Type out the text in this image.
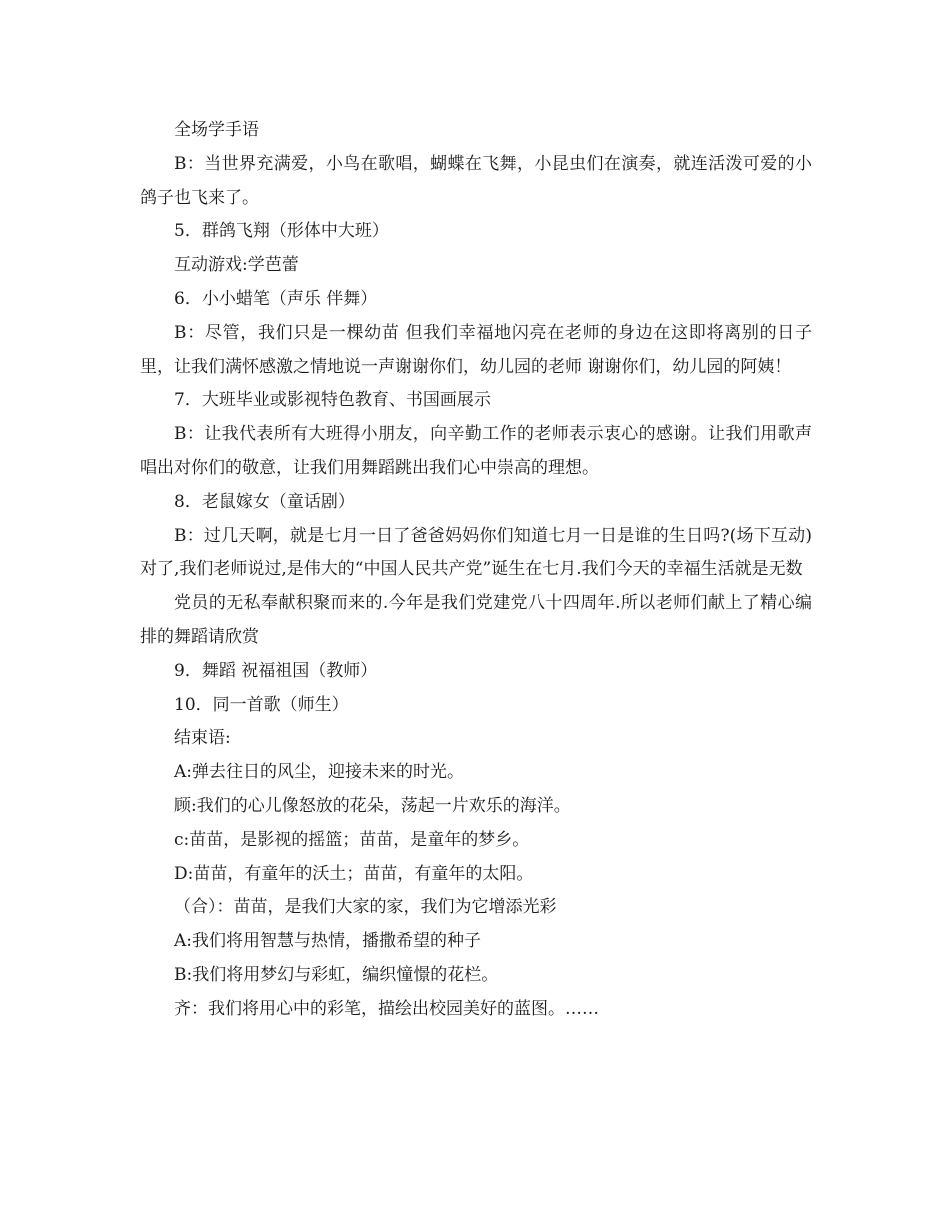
全场学手语

B：当世界充满爱，小鸟在歌唱，蝴蝶在飞舞，小昆虫们在演奏，就连活泼可爱的小鸽子也飞来了。

5．群鸽飞翔（形体中大班）

互动游戏:学芭蕾

6．小小蜡笔（声乐 伴舞）

B：尽管，我们只是一棵幼苗 但我们幸福地闪亮在老师的身边在这即将离别的日子里，让我们满怀感激之情地说一声谢谢你们，幼儿园的老师 谢谢你们，幼儿园的阿姨！

7．大班毕业或影视特色教育、书国画展示

B：让我代表所有大班得小朋友，向辛勤工作的老师表示衷心的感谢。让我们用歌声唱出对你们的敬意，让我们用舞蹈跳出我们心中崇高的理想。

8．老鼠嫁女（童话剧）

B：过几天啊，就是七月一日了爸爸妈妈你们知道七月一日是谁的生日吗?(场下互动)对了,我们老师说过,是伟大的“中国人民共产党”诞生在七月.我们今天的幸福生活就是无数

党员的无私奉献积聚而来的.今年是我们党建党八十四周年.所以老师们献上了精心编排的舞蹈请欣赏

9．舞蹈 祝福祖国（教师）

10．同一首歌（师生）

结束语:

A:弹去往日的风尘，迎接未来的时光。

顾:我们的心儿像怒放的花朵，荡起一片欢乐的海洋。

c:苗苗，是影视的摇篮；苗苗，是童年的梦乡。

D:苗苗，有童年的沃土；苗苗，有童年的太阳。

（合）：苗苗，是我们大家的家，我们为它增添光彩

A:我们将用智慧与热情，播撒希望的种子

B:我们将用梦幻与彩虹，编织憧憬的花栏。

齐：我们将用心中的彩笔，描绘出校园美好的蓝图。……
